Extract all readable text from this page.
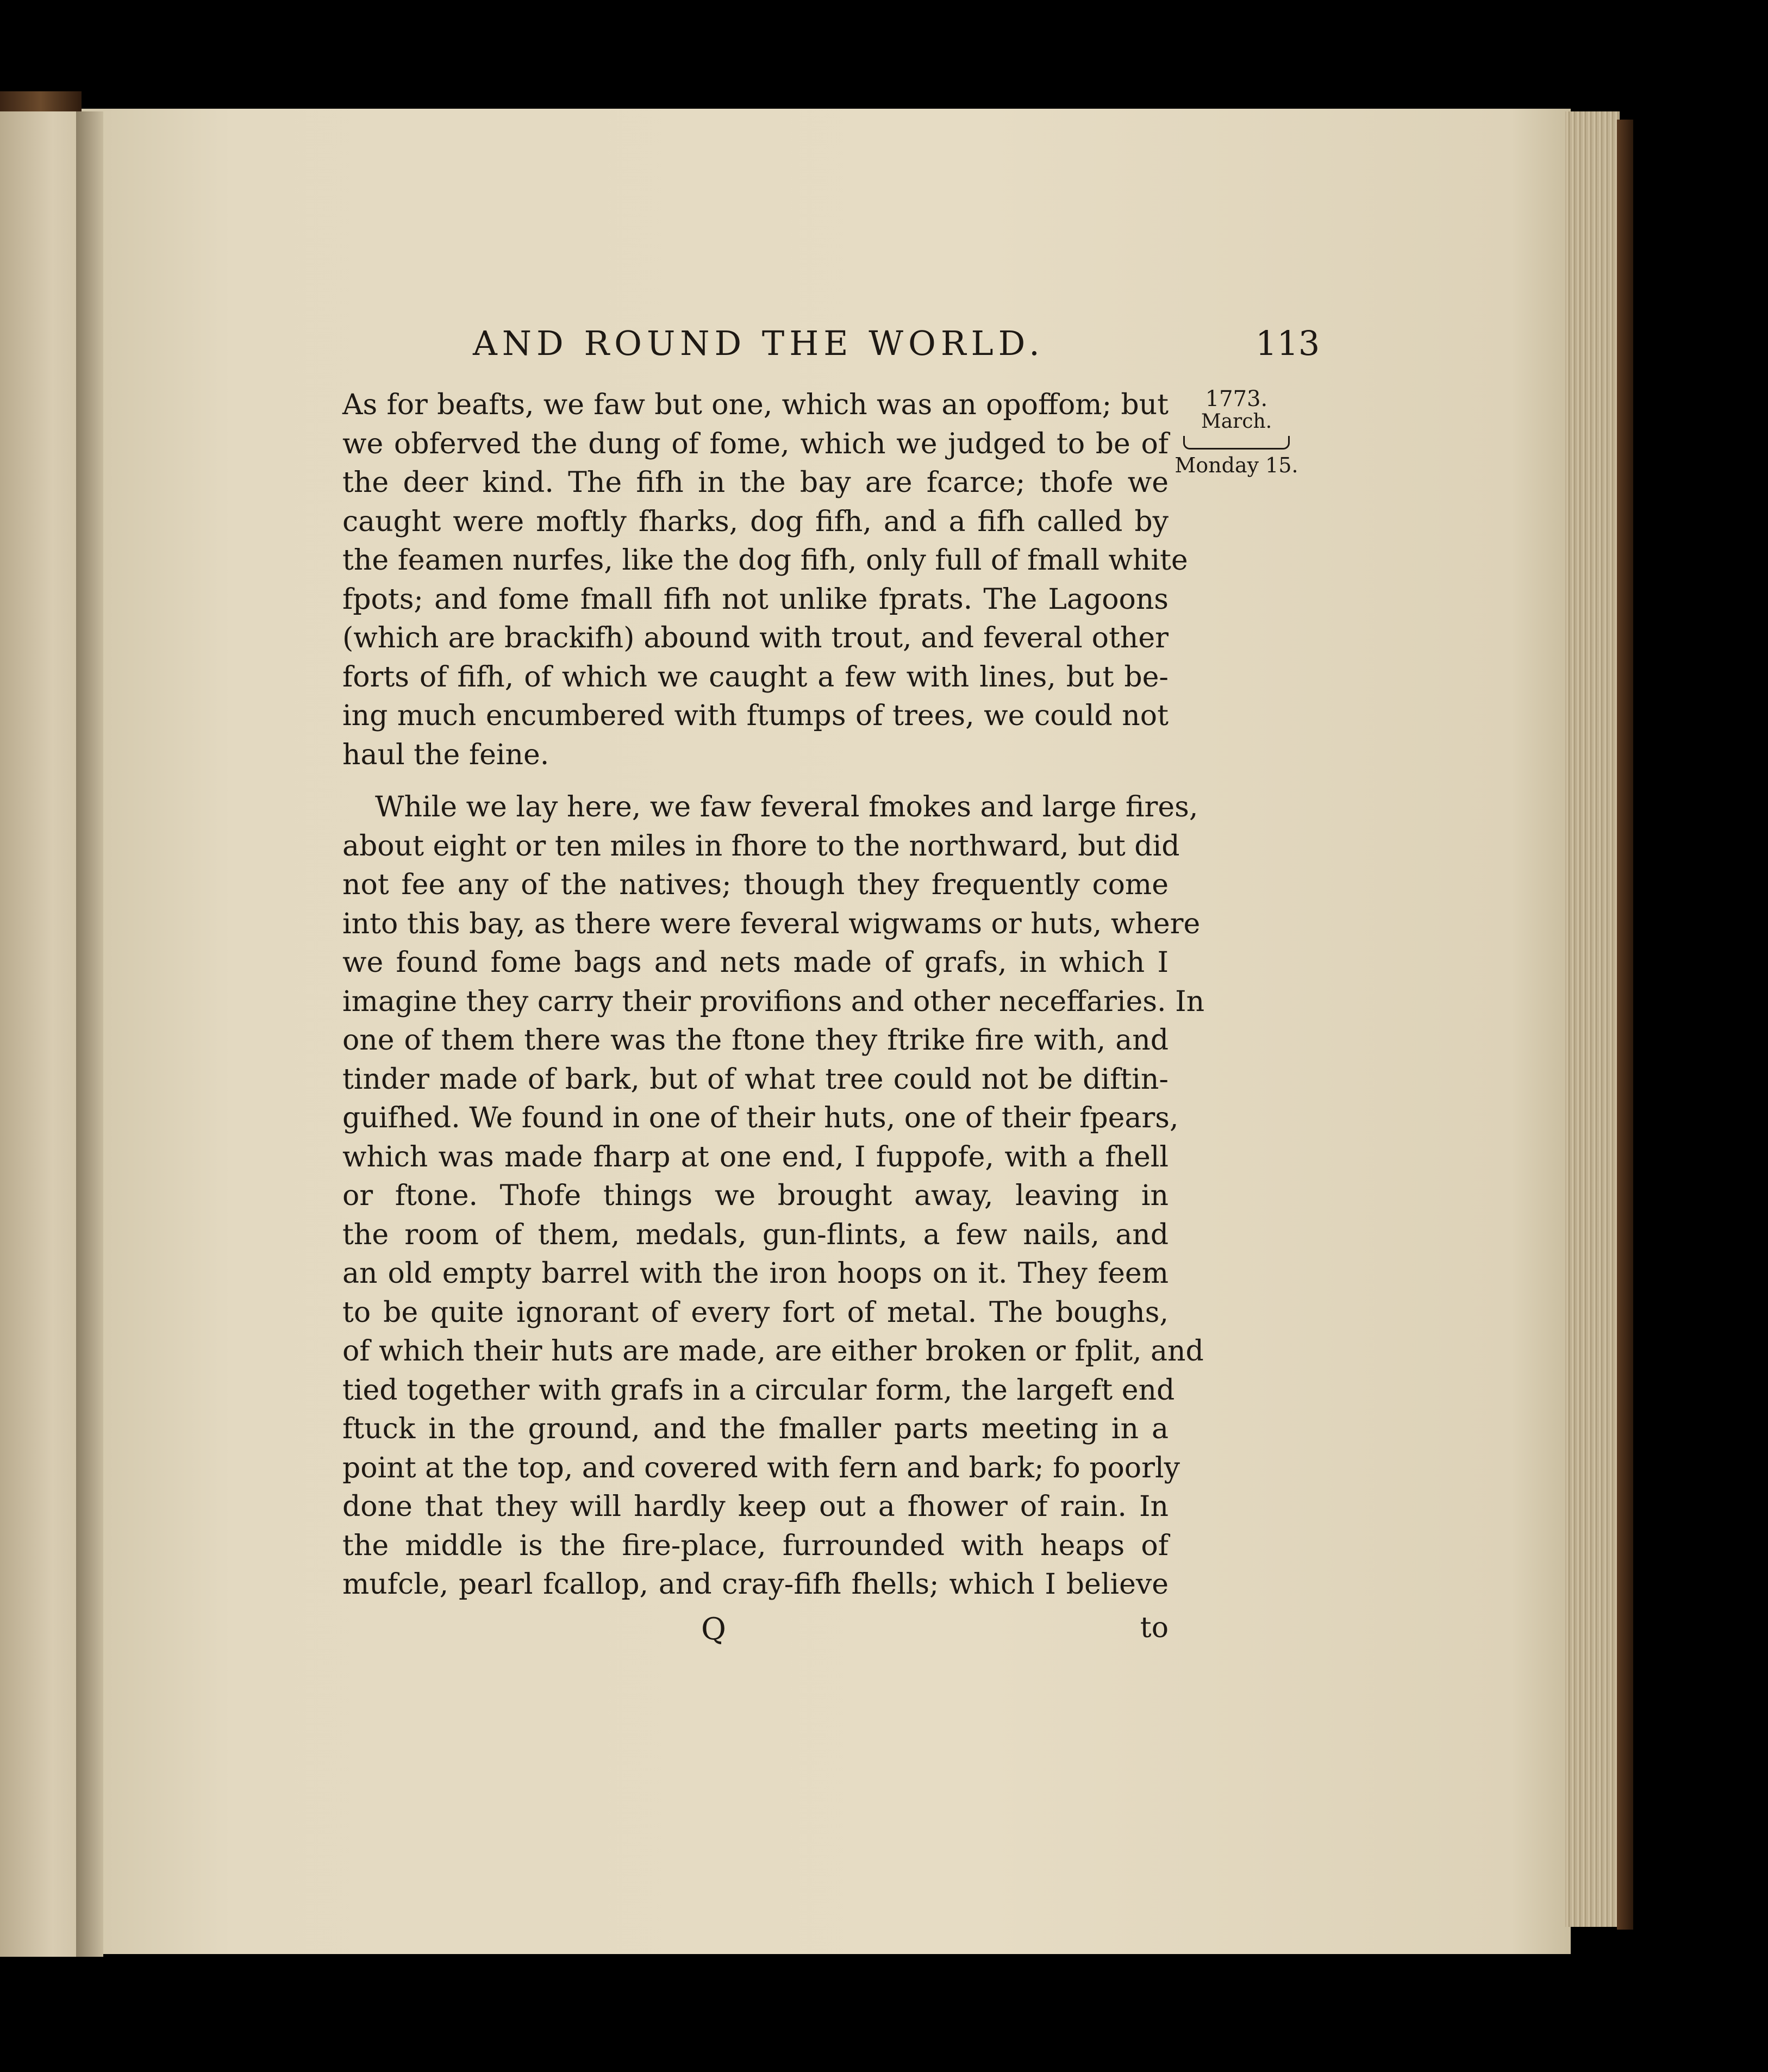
AND ROUND THE WORLD.	113
1773.
March.
Monday 15.
As for beafts, we faw but one, which was an opoffom; but
we obferved the dung of fome, which we judged to be of
the deer kind. The fifh in the bay are fcarce; thofe we
caught were moftly fharks, dog fifh, and a fifh called by
the feamen nurfes, like the dog fifh, only full of fmall white
fpots; and fome fmall fifh not unlike fprats. The Lagoons
(which are brackifh) abound with trout, and feveral other
forts of fifh, of which we caught a few with lines, but be-
ing much encumbered with ftumps of trees, we could not
haul the feine.
While we lay here, we faw feveral fmokes and large fires,
about eight or ten miles in fhore to the northward, but did
not fee any of the natives; though they frequently come
into this bay, as there were feveral wigwams or huts, where
we found fome bags and nets made of grafs, in which I
imagine they carry their provifions and other neceffaries. In
one of them there was the ftone they ftrike fire with, and
tinder made of bark, but of what tree could not be diftin-
guifhed. We found in one of their huts, one of their fpears,
which was made fharp at one end, I fuppofe, with a fhell
or ftone. Thofe things we brought away, leaving in
the room of them, medals, gun-flints, a few nails, and
an old empty barrel with the iron hoops on it. They feem
to be quite ignorant of every fort of metal. The boughs,
of which their huts are made, are either broken or fplit, and
tied together with grafs in a circular form, the largeft end
ftuck in the ground, and the fmaller parts meeting in a
point at the top, and covered with fern and bark; fo poorly
done that they will hardly keep out a fhower of rain. In
the middle is the fire-place, furrounded with heaps of
mufcle, pearl fcallop, and cray-fifh fhells; which I believe
Q	to
